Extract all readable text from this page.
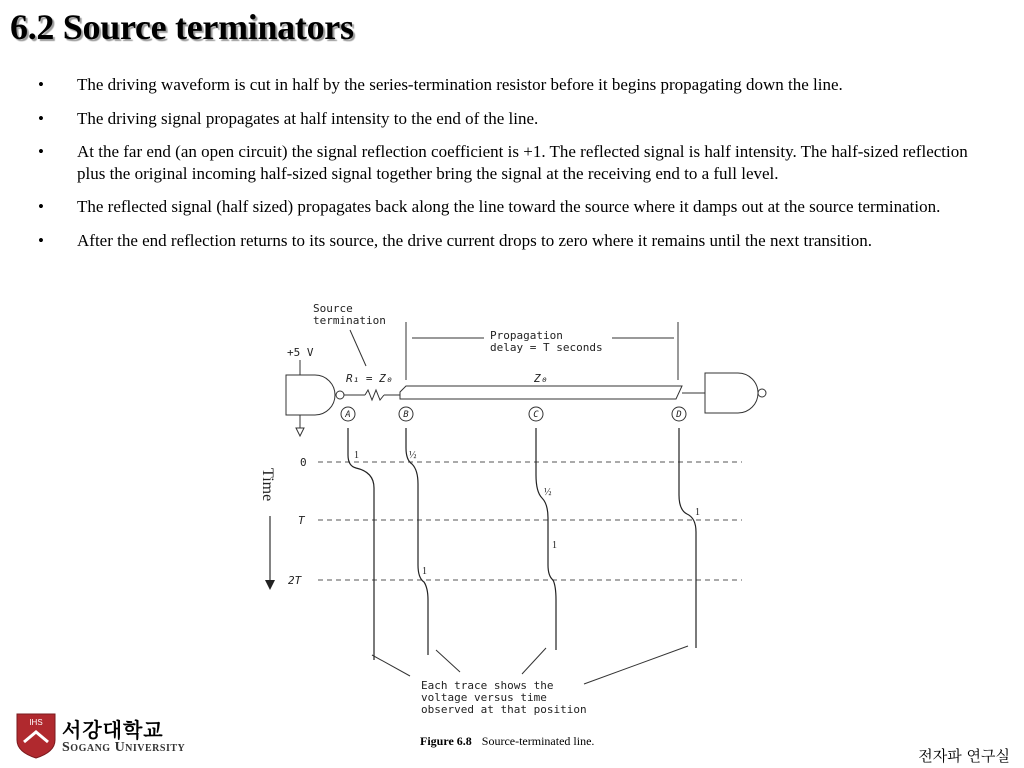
6.2 Source terminators
• The driving waveform is cut in half by the series-termination resistor before it begins propagating down the line.
• The driving signal propagates at half intensity to the end of the line.
• At the far end (an open circuit) the signal reflection coefficient is +1. The reflected signal is half intensity. The half-sized reflection plus the original incoming half-sized signal together bring the signal at the receiving end to a full level.
• The reflected signal (half sized) propagates back along the line toward the source where it damps out at the source termination.
• After the end reflection returns to its source, the drive current drops to zero where it remains until the next transition.
Source
termination
+5 V
Propagation
delay = T seconds
R₁ = Z₀	Z₀
0
T
2T
Each trace shows the
voltage versus time
observed at that position
A	B	C	D
1	½
1
½
1
1
Time
Figure 6.8 Source-terminated line.
IHS 서강대학교
Sogang University	전자파 연구실
